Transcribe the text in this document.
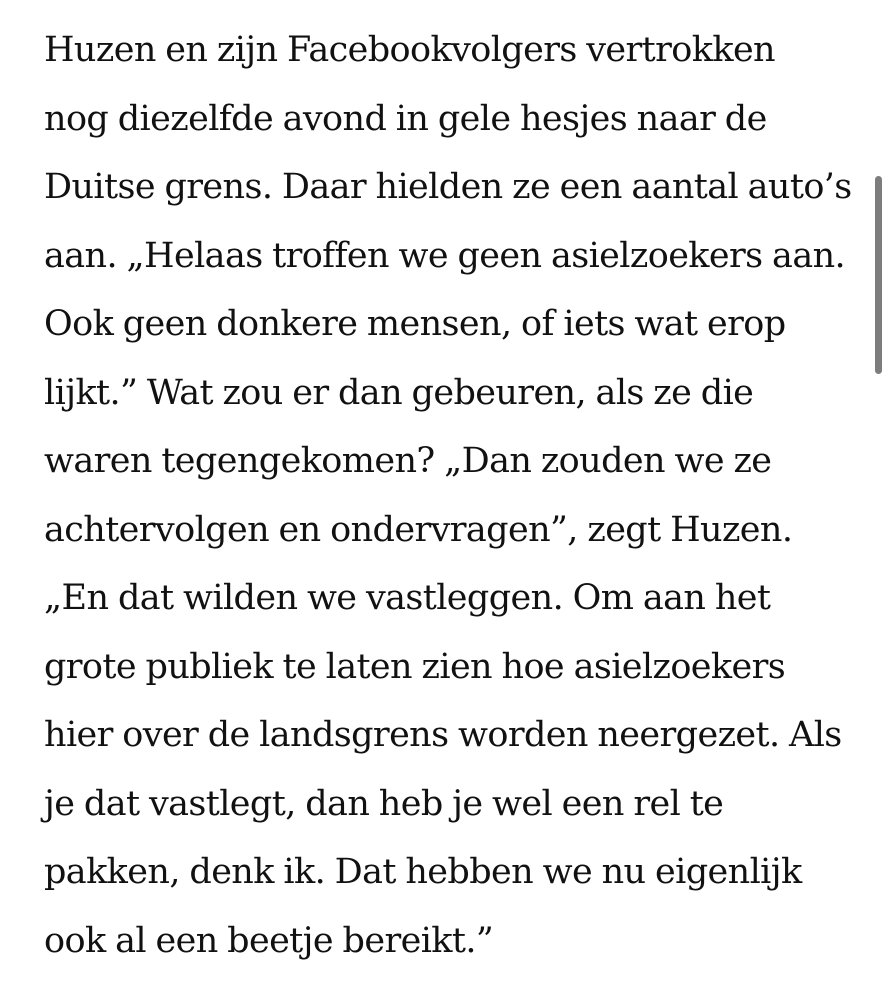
Huzen en zijn Facebookvolgers vertrokken
nog diezelfde avond in gele hesjes naar de
Duitse grens. Daar hielden ze een aantal auto’s
aan. „Helaas troffen we geen asielzoekers aan.
Ook geen donkere mensen, of iets wat erop
lijkt.” Wat zou er dan gebeuren, als ze die
waren tegengekomen? „Dan zouden we ze
achtervolgen en ondervragen”, zegt Huzen.
„En dat wilden we vastleggen. Om aan het
grote publiek te laten zien hoe asielzoekers
hier over de landsgrens worden neergezet. Als
je dat vastlegt, dan heb je wel een rel te
pakken, denk ik. Dat hebben we nu eigenlijk
ook al een beetje bereikt.”
